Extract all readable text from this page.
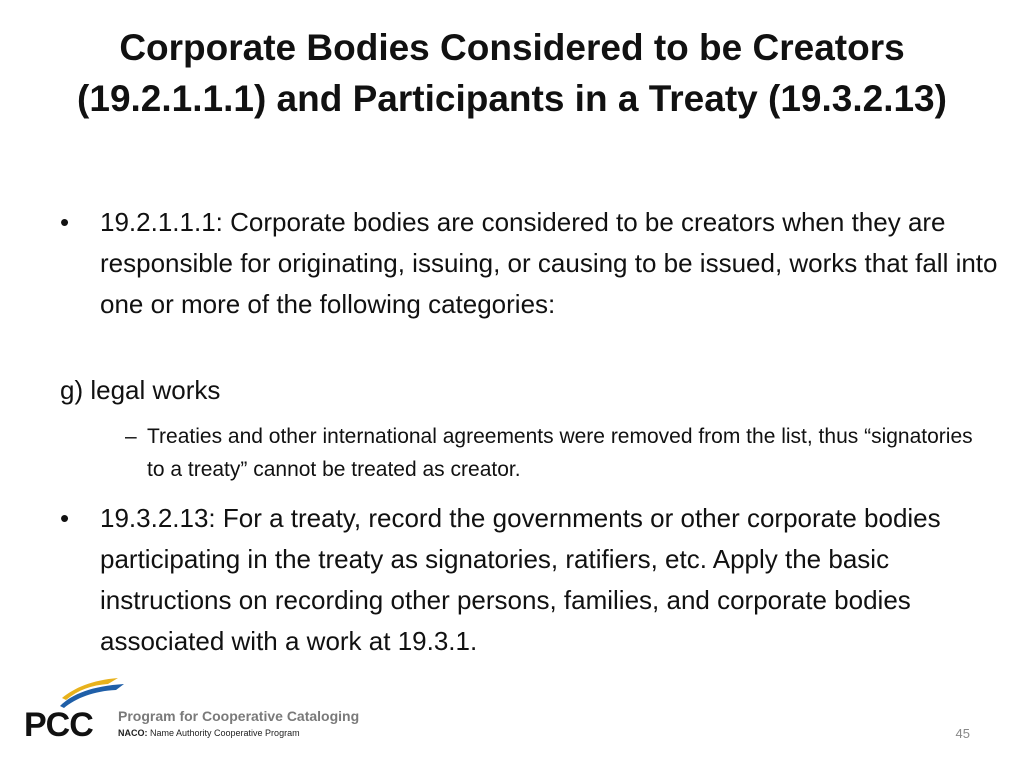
Corporate Bodies Considered to be Creators (19.2.1.1.1) and Participants in a Treaty (19.3.2.13)
•	19.2.1.1.1: Corporate bodies are considered to be creators when they are responsible for originating, issuing, or causing to be issued, works that fall into one or more of the following categories:
g) legal works
– Treaties and other international agreements were removed from the list, thus “signatories to a treaty” cannot be treated as creator.
•	19.3.2.13: For a treaty, record the governments or other corporate bodies participating in the treaty as signatories, ratifiers, etc. Apply the basic instructions on recording other persons, families, and corporate bodies associated with a work at 19.3.1.
PCC Program for Cooperative Cataloging
NACO: Name Authority Cooperative Program	45
